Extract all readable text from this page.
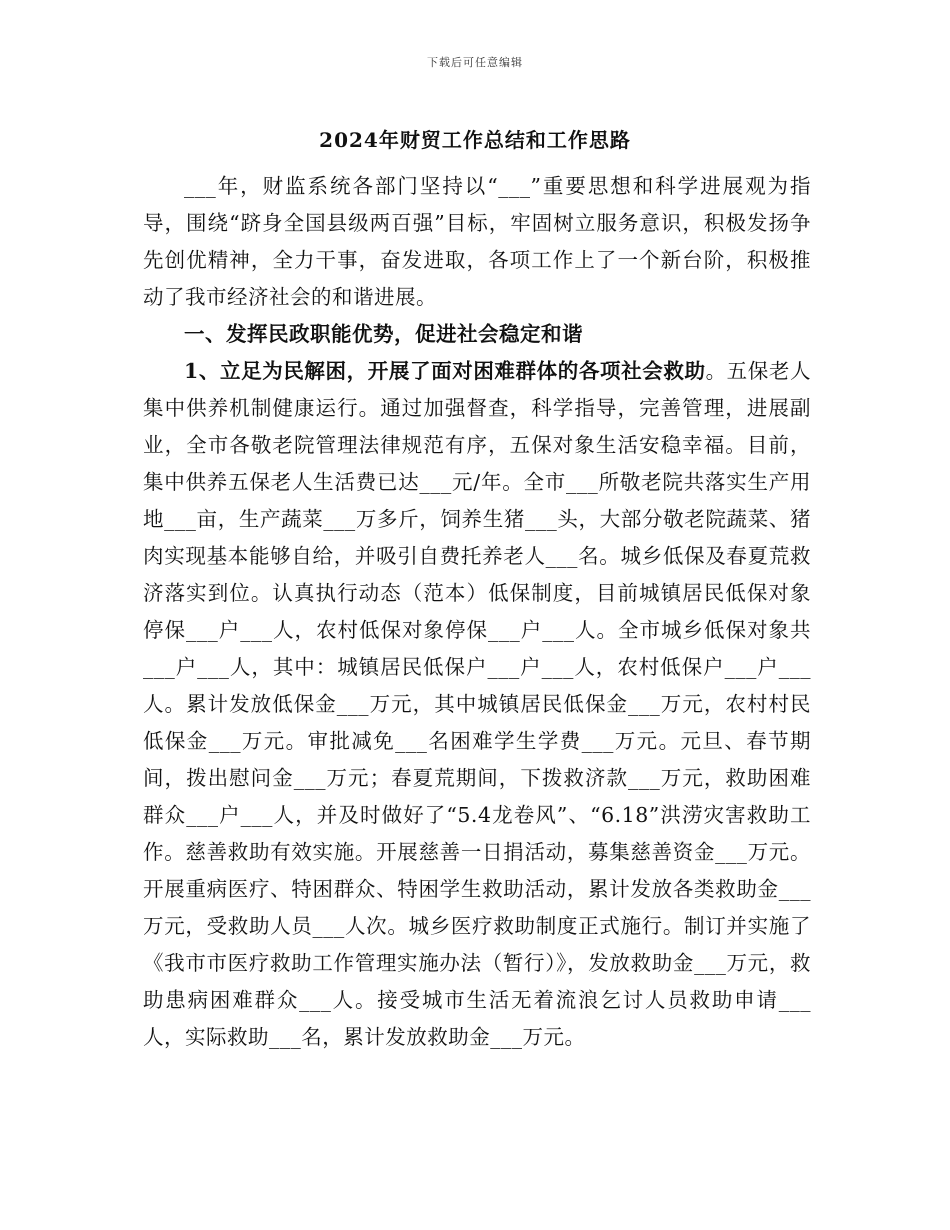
下载后可任意编辑
2024年财贸工作总结和工作思路

___年，财监系统各部门坚持以“___”重要思想和科学进展观为指导，围绕“跻身全国县级两百强”目标，牢固树立服务意识，积极发扬争先创优精神，全力干事，奋发进取，各项工作上了一个新台阶，积极推动了我市经济社会的和谐进展。

一、发挥民政职能优势，促进社会稳定和谐

1、立足为民解困，开展了面对困难群体的各项社会救助。五保老人集中供养机制健康运行。通过加强督查，科学指导，完善管理，进展副业，全市各敬老院管理法律规范有序，五保对象生活安稳幸福。目前，集中供养五保老人生活费已达___元/年。全市___所敬老院共落实生产用地___亩，生产蔬菜___万多斤，饲养生猪___头，大部分敬老院蔬菜、猪肉实现基本能够自给，并吸引自费托养老人___名。城乡低保及春夏荒救济落实到位。认真执行动态（范本）低保制度，目前城镇居民低保对象停保___户___人，农村低保对象停保___户___人。全市城乡低保对象共___户___人，其中：城镇居民低保户___户___人，农村低保户___户___人。累计发放低保金___万元，其中城镇居民低保金___万元，农村村民低保金___万元。审批减免___名困难学生学费___万元。元旦、春节期间，拨出慰问金___万元；春夏荒期间，下拨救济款___万元，救助困难群众___户___人，并及时做好了“5.4龙卷风”、“6.18”洪涝灾害救助工作。慈善救助有效实施。开展慈善一日捐活动，募集慈善资金___万元。开展重病医疗、特困群众、特困学生救助活动，累计发放各类救助金___万元，受救助人员___人次。城乡医疗救助制度正式施行。制订并实施了《我市市医疗救助工作管理实施办法（暂行）》，发放救助金___万元，救助患病困难群众___人。接受城市生活无着流浪乞讨人员救助申请___人，实际救助___名，累计发放救助金___万元。
